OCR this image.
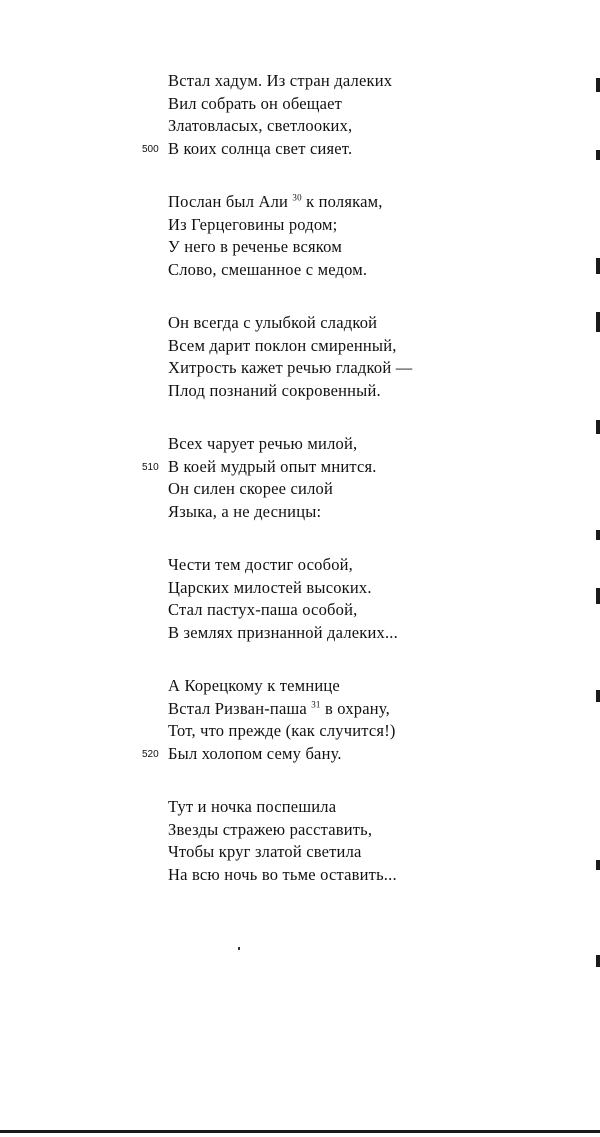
Встал хадум. Из стран далеких
Вил собрать он обещает
Златовласых, светлооких,
500 В коих солнца свет сияет.
Послан был Али $^{30}$ к полякам,
Из Герцеговины родом;
У него в реченье всяком
Слово, смешанное с медом.
Он всегда с улыбкой сладкой
Всем дарит поклон смиренный,
Хитрость кажет речью гладкой —
Плод познаний сокровенный.
Всех чарует речью милой,
510 В коей мудрый опыт мнится.
Он силен скорее силой
Языка, а не десницы:
Чести тем достиг особой,
Царских милостей высоких.
Стал пастух-паша особой,
В землях признанной далеких...
А Корецкому к темнице
Встал Ризван-паша $^{31}$ в охрану,
Тот, что прежде (как случится!)
520 Был холопом сему бану.
Тут и ночка поспешила
Звезды стражею расставить,
Чтобы круг златой светила
На всю ночь во тьме оставить...
